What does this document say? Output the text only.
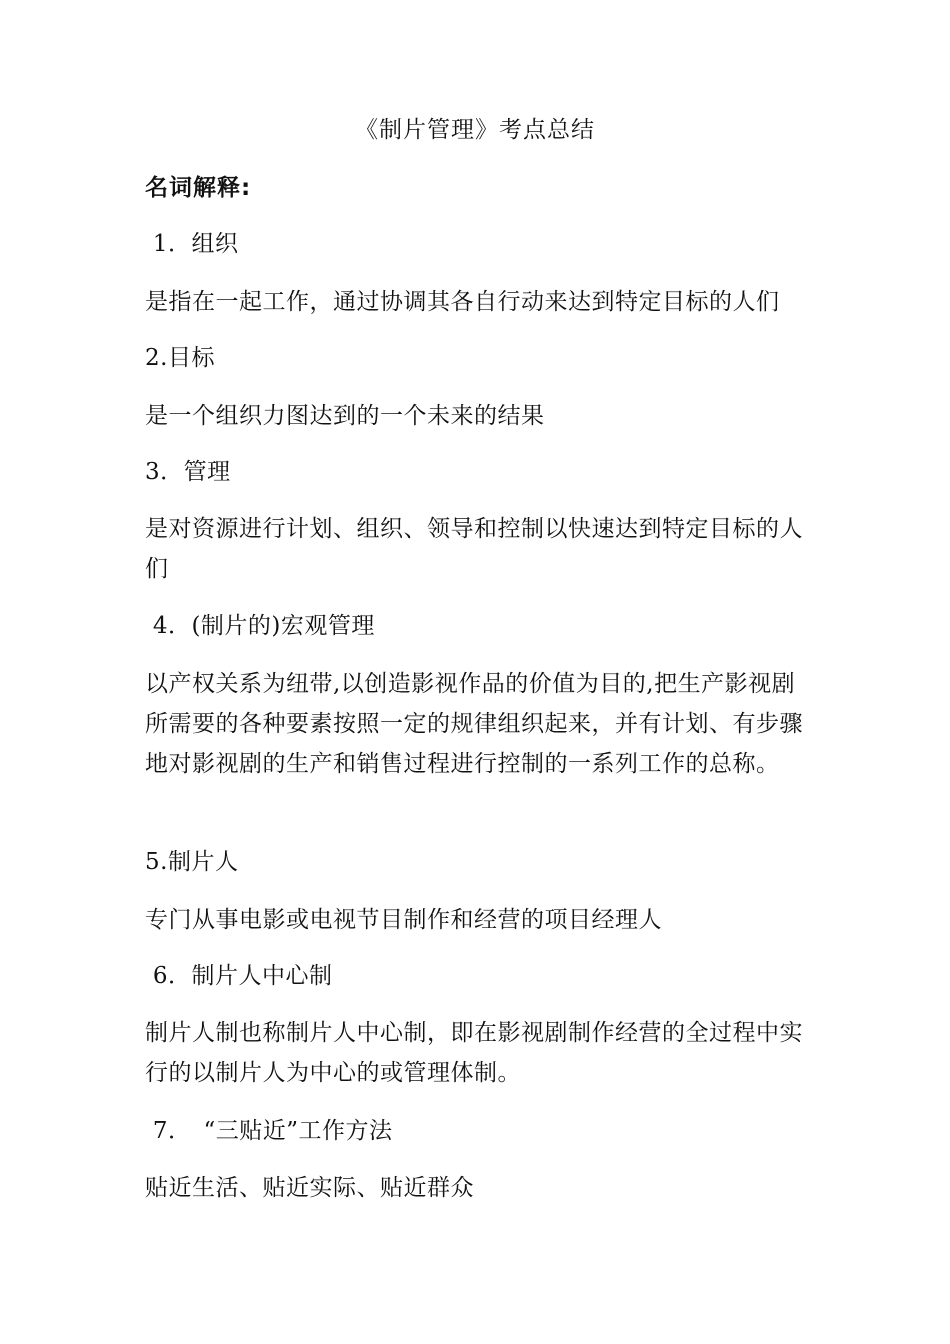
《制片管理》考点总结
名词解释:
1．组织
是指在一起工作，通过协调其各自行动来达到特定目标的人们
2.目标
是一个组织力图达到的一个未来的结果
3．管理
是对资源进行计划、组织、领导和控制以快速达到特定目标的人们
4．(制片的)宏观管理
以产权关系为纽带,以创造影视作品的价值为目的,把生产影视剧所需要的各种要素按照一定的规律组织起来，并有计划、有步骤地对影视剧的生产和销售过程进行控制的一系列工作的总称。
5.制片人
专门从事电影或电视节目制作和经营的项目经理人
6．制片人中心制
制片人制也称制片人中心制，即在影视剧制作经营的全过程中实行的以制片人为中心的或管理体制。
7．　“三贴近”工作方法
贴近生活、贴近实际、贴近群众
